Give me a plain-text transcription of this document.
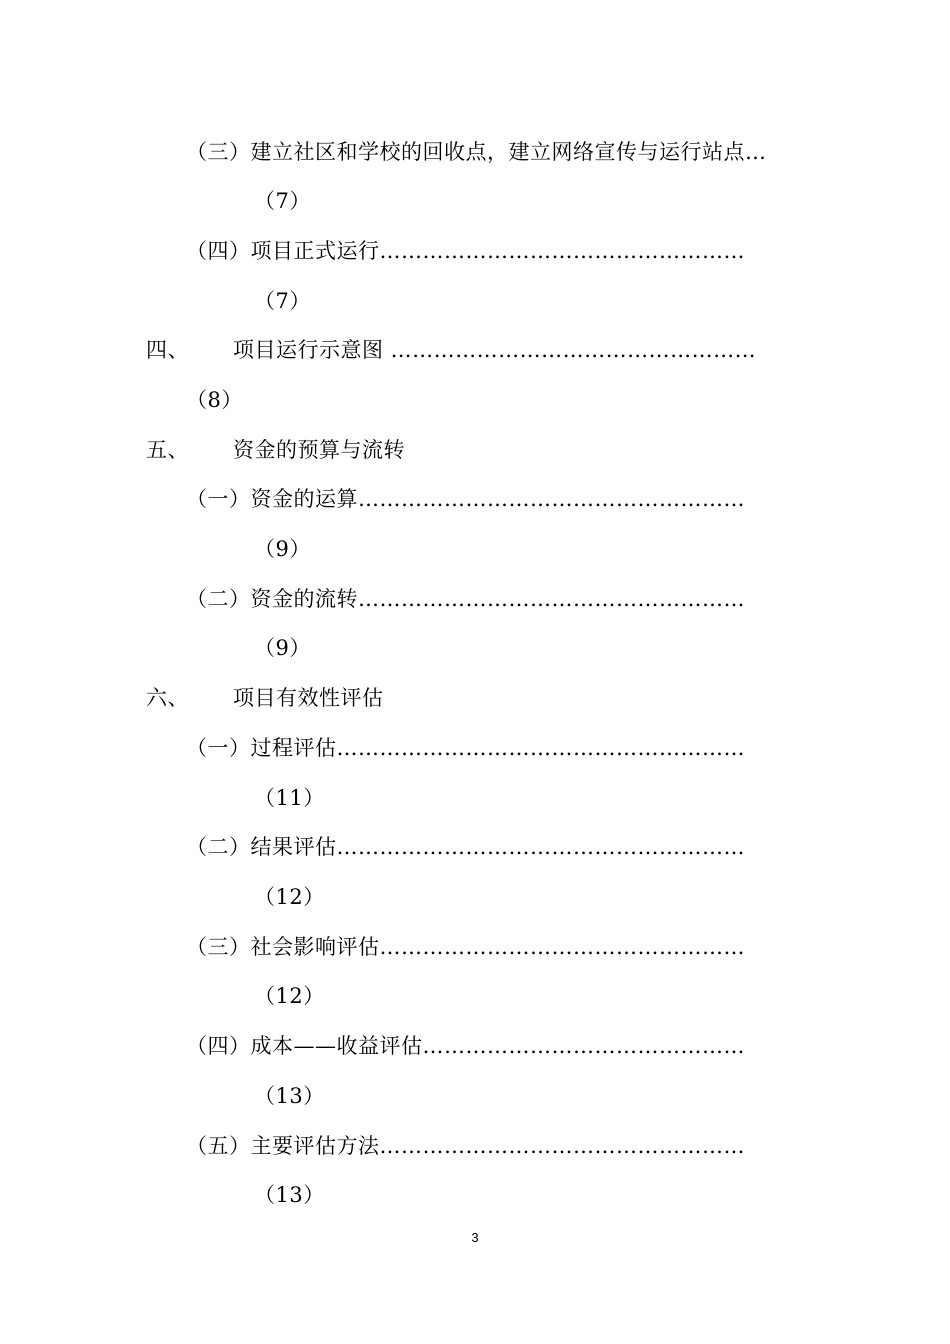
（三）建立社区和学校的回收点，建立网络宣传与运行站点…
（7）
（四）项目正式运行……………………………………………
（7）
四、 项目运行示意图 ……………………………………………
（8）
五、 资金的预算与流转
（一）资金的运算………………………………………………
（9）
（二）资金的流转………………………………………………
（9）
六、 项目有效性评估
（一）过程评估…………………………………………………
（11）
（二）结果评估…………………………………………………
（12）
（三）社会影响评估……………………………………………
（12）
（四）成本——收益评估………………………………………
（13）
（五）主要评估方法……………………………………………
（13）
3
